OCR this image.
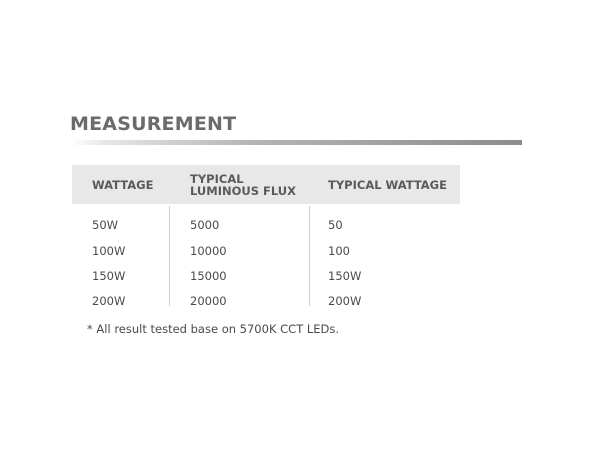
MEASUREMENT
WATTAGE	TYPICAL LUMINOUS FLUX	TYPICAL WATTAGE
50W	5000	50
100W	10000	100
150W	15000	150W
200W	20000	200W
* All result tested base on 5700K CCT LEDs.
